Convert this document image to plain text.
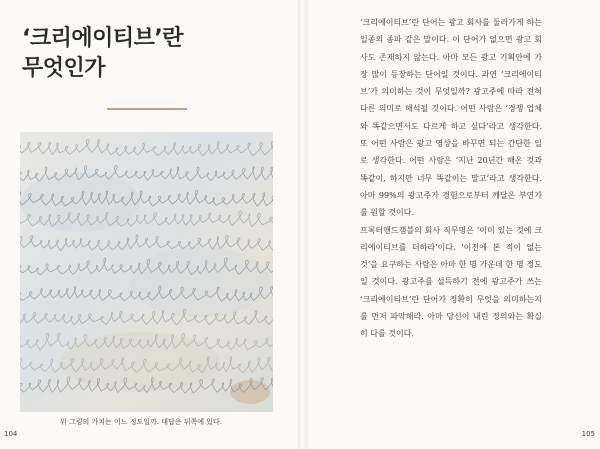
‘크리에이티브’란
무엇인가
위 그림의 가치는 어느 정도일까. 대답은 뒤쪽에 있다.
104

‘크리에이티브’란 단어는 광고 회사를 둘러가게 하는 일종의 종파 같은 말이다. 이 단어가 없으면 광고 회사도 존재하지 않는다. 아마 모든 광고 기획안에 가장 많이 등장하는 단어일 것이다. 과연 ‘크리에이티브’가 의미하는 것이 무엇일까? 광고주에 따라 전혀 다른 의미로 해석될 것이다. 어떤 사람은 ‘경쟁 업체와 똑같으면서도 다르게 하고 싶다’라고 생각한다. 또 어떤 사람은 광고 영상을 바꾸면 되는 간단한 일로 생각한다. 어떤 사람은 ‘지난 20년간 해온 것과 똑같이, 하지만 너무 똑같이는 말고’라고 생각한다. 아마 99%의 광고주가 경험으로부터 깨달은 부연가를 원할 것이다.

프록터앤드갬블의 회사 직무명은 ‘이미 있는 것에 크리에이티브를 더하라’이다. ‘이전에 본 적이 없는 것’을 요구하는 사람은 아마 한 명 가운데 한 명 정도일 것이다. 광고주를 설득하기 전에 광고주가 쓰는 ‘크리에이티브’란 단어가 정확히 무엇을 의미하는지를 먼저 파악해라. 아마 당신이 내린 정의와는 확실히 다를 것이다.

105
